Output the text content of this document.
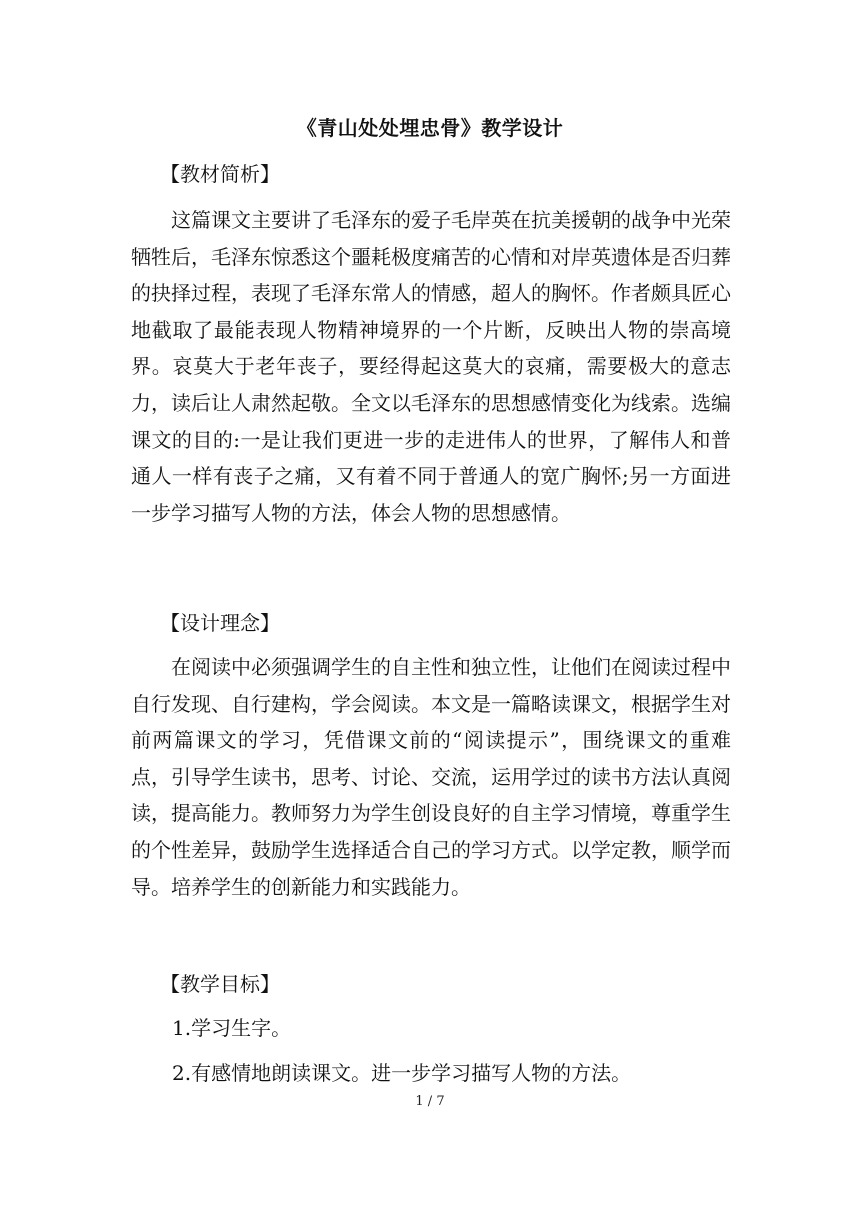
《青山处处埋忠骨》教学设计
【教材简析】
这篇课文主要讲了毛泽东的爱子毛岸英在抗美援朝的战争中光荣牺牲后，毛泽东惊悉这个噩耗极度痛苦的心情和对岸英遗体是否归葬的抉择过程，表现了毛泽东常人的情感，超人的胸怀。作者颇具匠心地截取了最能表现人物精神境界的一个片断，反映出人物的崇高境界。哀莫大于老年丧子，要经得起这莫大的哀痛，需要极大的意志力，读后让人肃然起敬。全文以毛泽东的思想感情变化为线索。选编课文的目的:一是让我们更进一步的走进伟人的世界，了解伟人和普通人一样有丧子之痛，又有着不同于普通人的宽广胸怀;另一方面进一步学习描写人物的方法，体会人物的思想感情。
【设计理念】
在阅读中必须强调学生的自主性和独立性，让他们在阅读过程中自行发现、自行建构，学会阅读。本文是一篇略读课文，根据学生对前两篇课文的学习，凭借课文前的“阅读提示”，围绕课文的重难点，引导学生读书，思考、讨论、交流，运用学过的读书方法认真阅读，提高能力。教师努力为学生创设良好的自主学习情境，尊重学生的个性差异，鼓励学生选择适合自己的学习方式。以学定教，顺学而导。培养学生的创新能力和实践能力。
【教学目标】
1.学习生字。
2.有感情地朗读课文。进一步学习描写人物的方法。
1 / 7
